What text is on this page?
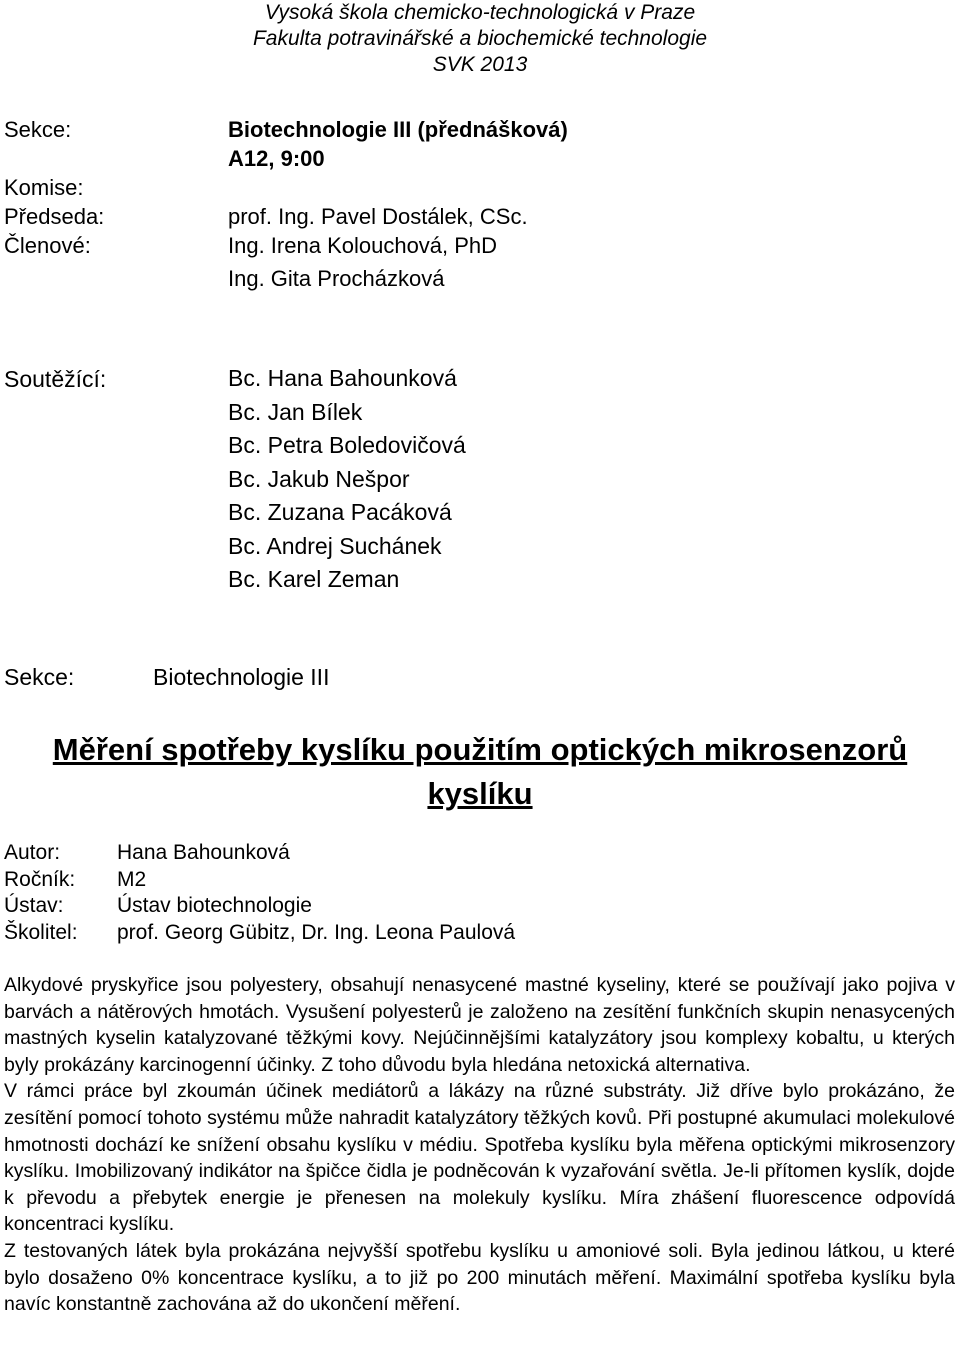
Vysoká škola chemicko-technologická v Praze
Fakulta potravinářské a biochemické technologie
SVK 2013
Sekce:	Biotechnologie III (přednášková)
A12, 9:00
Komise:
Předseda:	prof. Ing. Pavel Dostálek, CSc.
Členové:	Ing. Irena Kolouchová, PhD
Ing. Gita Procházková
Soutěžící:	Bc. Hana Bahounková
Bc. Jan Bílek
Bc. Petra Boledovičová
Bc. Jakub Nešpor
Bc. Zuzana Pacáková
Bc. Andrej Suchánek
Bc. Karel Zeman
Sekce:	Biotechnologie III
Měření spotřeby kyslíku použitím optických mikrosenzorů
kyslíku
Autor:	Hana Bahounková
Ročník: M2
Ústav:	Ústav biotechnologie
Školitel: prof. Georg Gübitz, Dr. Ing. Leona Paulová

Alkydové pryskyřice jsou polyestery, obsahují nenasycené mastné kyseliny, které se používají jako pojiva v barvách a nátěrových hmotách. Vysušení polyesterů je založeno na zesítění funkčních skupin nenasycených mastných kyselin katalyzované těžkými kovy. Nejúčinnějšími katalyzátory jsou komplexy kobaltu, u kterých byly prokázány karcinogenní účinky. Z toho důvodu byla hledána netoxická alternativa.

V rámci práce byl zkoumán účinek mediátorů a lákázy na různé substráty. Již dříve bylo prokázáno, že zesítění pomocí tohoto systému může nahradit katalyzátory těžkých kovů. Při postupné akumulaci molekulové hmotnosti dochází ke snížení obsahu kyslíku v médiu. Spotřeba kyslíku byla měřena optickými mikrosenzory kyslíku. Imobilizovaný indikátor na špičce čidla je podněcován k vyzařování světla. Je-li přítomen kyslík, dojde k převodu a přebytek energie je přenesen na molekuly kyslíku. Míra zhášení fluorescence odpovídá koncentraci kyslíku.

Z testovaných látek byla prokázána nejvyšší spotřebu kyslíku u amoniové soli. Byla jedinou látkou, u které bylo dosaženo 0% koncentrace kyslíku, a to již po 200 minutách měření. Maximální spotřeba kyslíku byla navíc konstantně zachována až do ukončení měření.
